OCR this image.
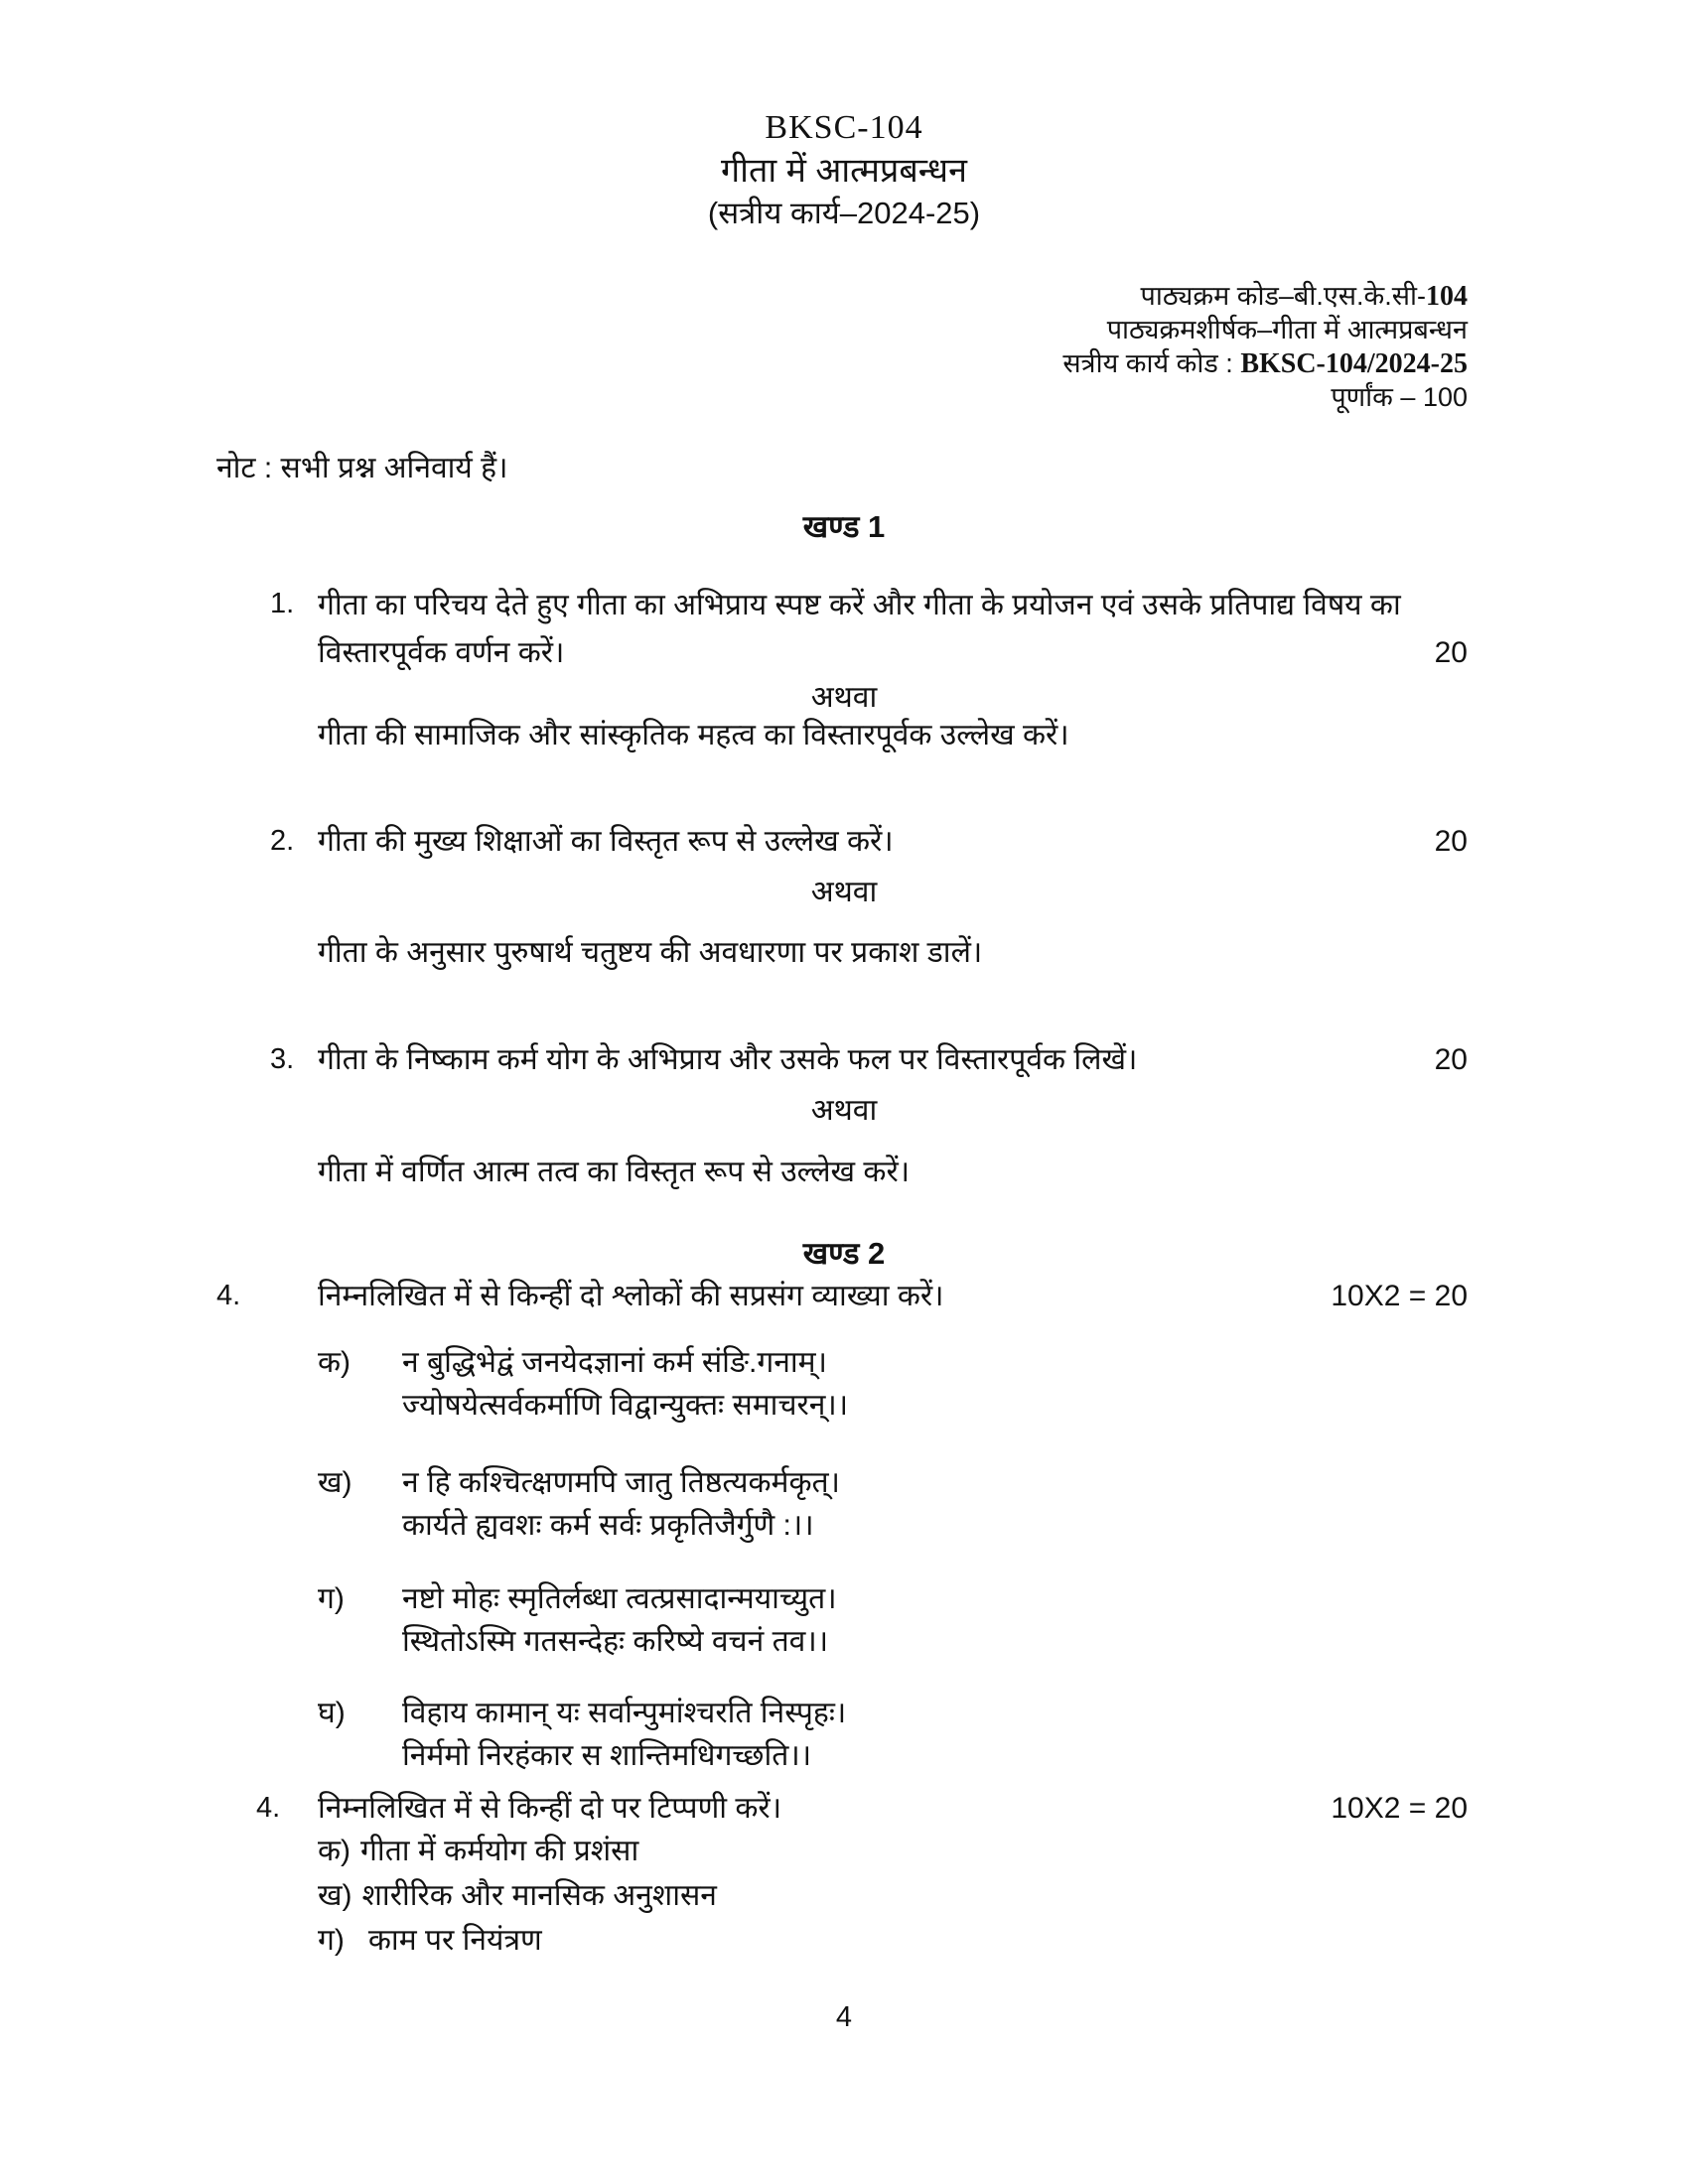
BKSC-104
गीता में आत्मप्रबन्धन
(सत्रीय कार्य–2024-25)
पाठ्यक्रम कोड–बी.एस.के.सी-104
पाठ्यक्रमशीर्षक–गीता में आत्मप्रबन्धन
सत्रीय कार्य कोड : BKSC-104/2024-25
पूर्णांक – 100
नोट : सभी प्रश्न अनिवार्य हैं।
खण्ड 1
1. गीता का परिचय देते हुए गीता का अभिप्राय स्पष्ट करें और गीता के प्रयोजन एवं उसके प्रतिपाद्य विषय का विस्तारपूर्वक वर्णन करें।	20
अथवा
गीता की सामाजिक और सांस्कृतिक महत्व का विस्तारपूर्वक उल्लेख करें।
2. गीता की मुख्य शिक्षाओं का विस्तृत रूप से उल्लेख करें।	20
अथवा
गीता के अनुसार पुरुषार्थ चतुष्टय की अवधारणा पर प्रकाश डालें।
3. गीता के निष्काम कर्म योग के अभिप्राय और उसके फल पर विस्तारपूर्वक लिखें।	20
अथवा
गीता में वर्णित आत्म तत्व का विस्तृत रूप से उल्लेख करें।
खण्ड 2
4.	निम्नलिखित में से किन्हीं दो श्लोकों की सप्रसंग व्याख्या करें।	10X2 = 20
क) न बुद्धिभेद्वं जनयेदज्ञानां कर्म संङि.गनाम्।
ज्योषयेत्सर्वकर्माणि विद्वान्युक्तः समाचरन्।।
ख) न हि कश्चित्क्षणमपि जातु तिष्ठत्यकर्मकृत्।
कार्यते ह्यवशः कर्म सर्वः प्रकृतिजैर्गुणै :।।
ग) नष्टो मोहः स्मृतिर्लब्धा त्वत्प्रसादान्मयाच्युत।
स्थितोऽस्मि गतसन्देहः करिष्ये वचनं तव।।
घ) विहाय कामान् यः सर्वान्पुमांश्चरति निस्पृहः।
निर्ममो निरहंकार स शान्तिमधिगच्छति।।
4. निम्नलिखित में से किन्हीं दो पर टिप्पणी करें।	10X2 = 20
क) गीता में कर्मयोग की प्रशंसा
ख) शारीरिक और मानसिक अनुशासन
ग) काम पर नियंत्रण
4
